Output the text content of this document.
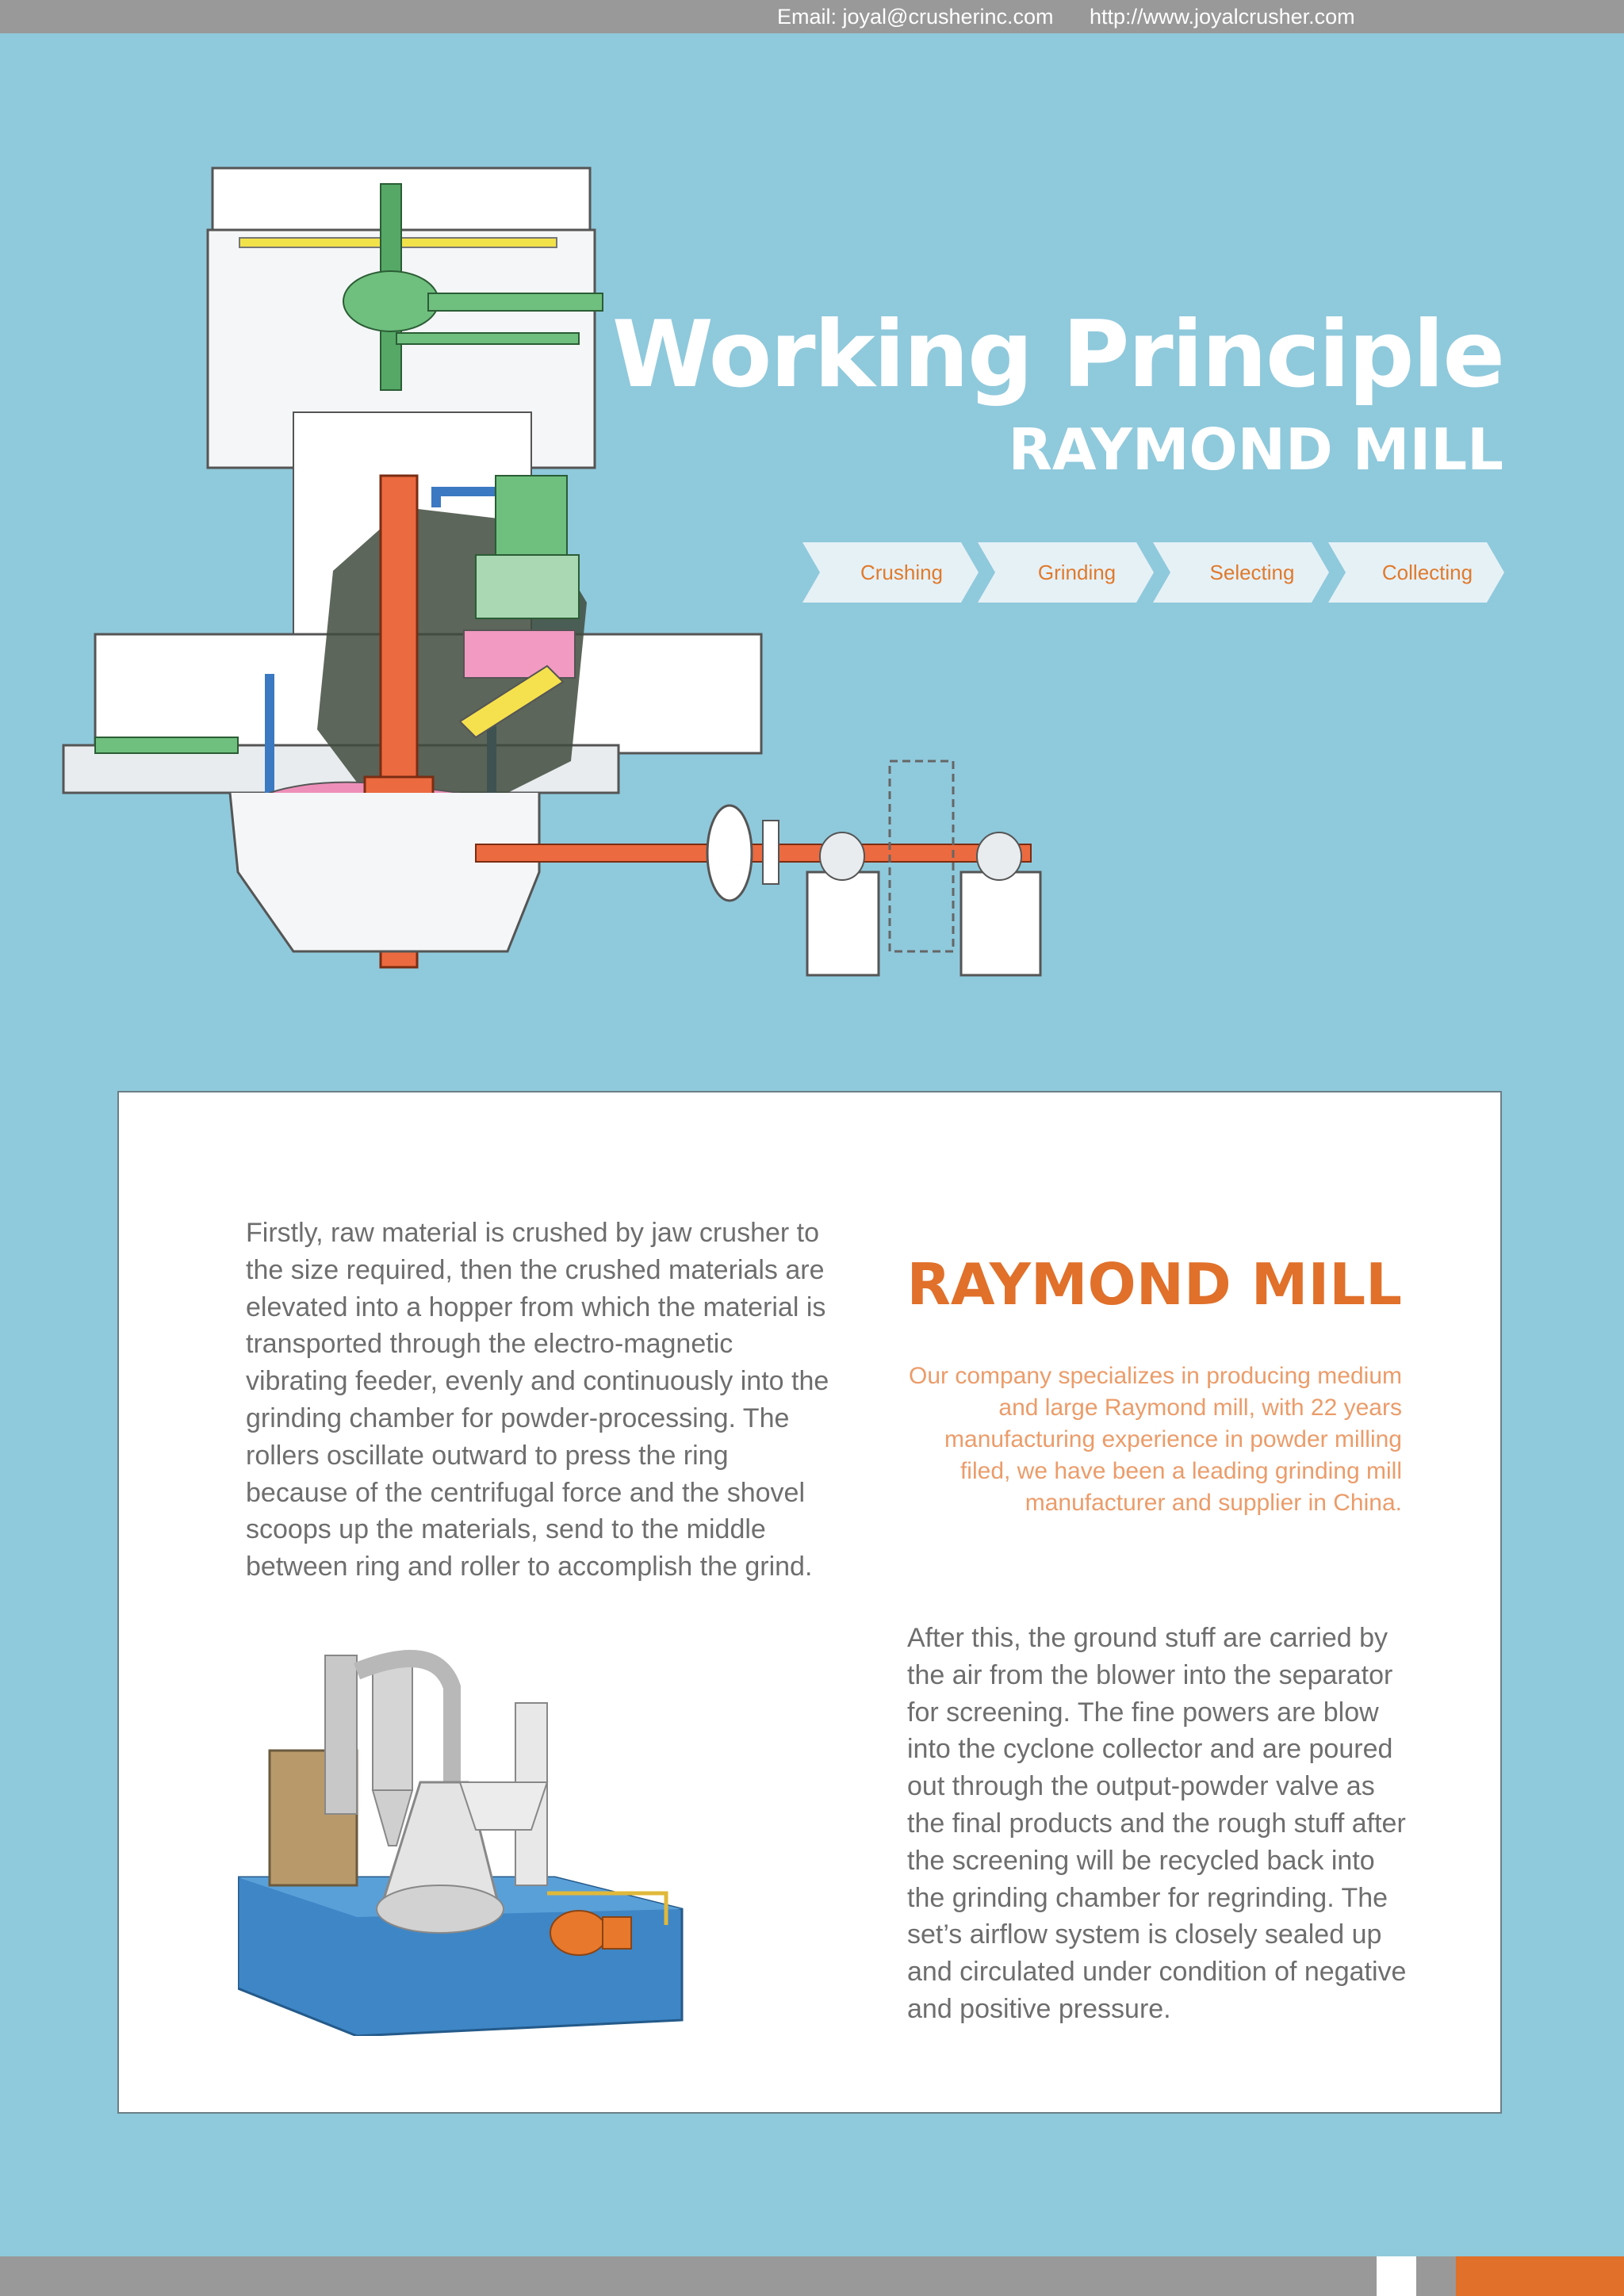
Email: joyal@crusherinc.com http://www.joyalcrusher.com
Working Principle
RAYMOND MILL
Crushing	Grinding	Selecting	Collecting

Firstly, raw material is crushed by jaw crusher to the size required, then the crushed materials are elevated into a hopper from which the material is transported through the electro-magnetic vibrating feeder, evenly and continuously into the grinding chamber for powder-processing. The rollers oscillate outward to press the ring because of the centrifugal force and the shovel scoops up the materials, send to the middle between ring and roller to accomplish the grind.

RAYMOND MILL

Our company specializes in producing medium and large Raymond mill, with 22 years manufacturing experience in powder milling filed, we have been a leading grinding mill manufacturer and supplier in China.

After this, the ground stuff are carried by the air from the blower into the separator for screening. The fine powers are blow into the cyclone collector and are poured out through the output-powder valve as the final products and the rough stuff after the screening will be recycled back into the grinding chamber for regrinding. The set’s airflow system is closely sealed up and circulated under condition of negative and positive pressure.
